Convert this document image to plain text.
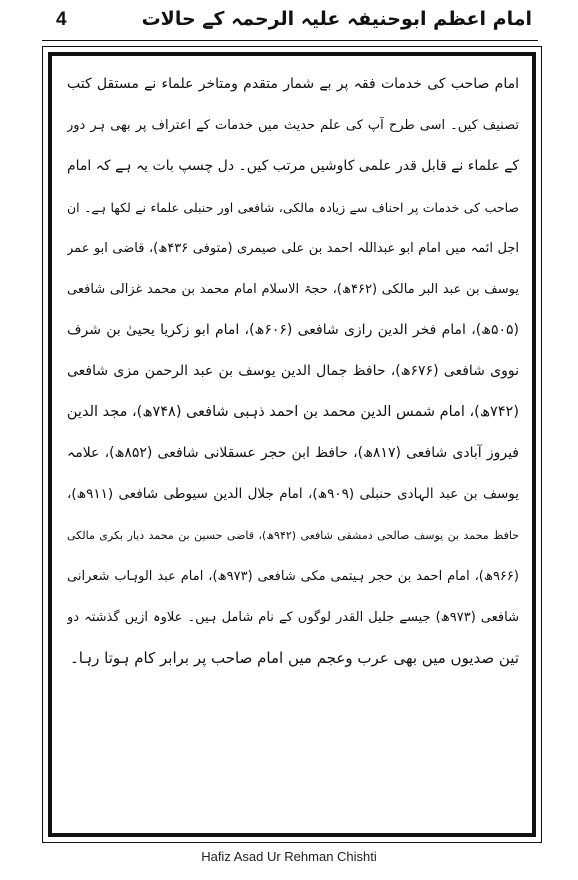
4	امام اعظم ابوحنیفہ علیہ الرحمہ کے حالات
امام صاحب کی خدمات فقہ پر بے شمار متقدم ومتاخر علماء نے مستقل کتب
تصنیف کیں۔ اسی طرح آپ کی علم حدیث میں خدمات کے اعتراف پر بھی ہر دور
کے علماء نے قابل قدر علمی کاوشیں مرتب کیں۔ دل چسپ بات یہ ہے کہ امام
صاحب کی خدمات پر احناف سے زیادہ مالکی، شافعی اور حنبلی علماء نے لکھا ہے۔ ان
اجل ائمہ میں امام ابو عبداللہ احمد بن علی صیمری (متوفی ۴۳۶ھ)، قاضی ابو عمر
یوسف بن عبد البر مالکی (۴۶۲ھ)، حجۃ الاسلام امام محمد بن محمد غزالی شافعی
(۵۰۵ھ)، امام فخر الدین رازی شافعی (۶۰۶ھ)، امام ابو زکریا یحییٰ بن شرف
نووی شافعی (۶۷۶ھ)، حافظ جمال الدین یوسف بن عبد الرحمن مزی شافعی
(۷۴۲ھ)، امام شمس الدین محمد بن احمد ذہبی شافعی (۷۴۸ھ)، مجد الدین
فیروز آبادی شافعی (۸۱۷ھ)، حافظ ابن حجر عسقلانی شافعی (۸۵۲ھ)، علامہ
یوسف بن عبد الہادی حنبلی (۹۰۹ھ)، امام جلال الدین سیوطی شافعی (۹۱۱ھ)،
حافظ محمد بن یوسف صالحی دمشقی شافعی (۹۴۲ھ)، قاضی حسین بن محمد دیار بکری مالکی
(۹۶۶ھ)، امام احمد بن حجر ہیتمی مکی شافعی (۹۷۳ھ)، امام عبد الوہاب شعرانی
شافعی (۹۷۳ھ) جیسے جلیل القدر لوگوں کے نام شامل ہیں۔ علاوہ ازیں گذشتہ دو
تین صدیوں میں بھی عرب وعجم میں امام صاحب پر برابر کام ہوتا رہا۔
Hafiz Asad Ur Rehman Chishti
